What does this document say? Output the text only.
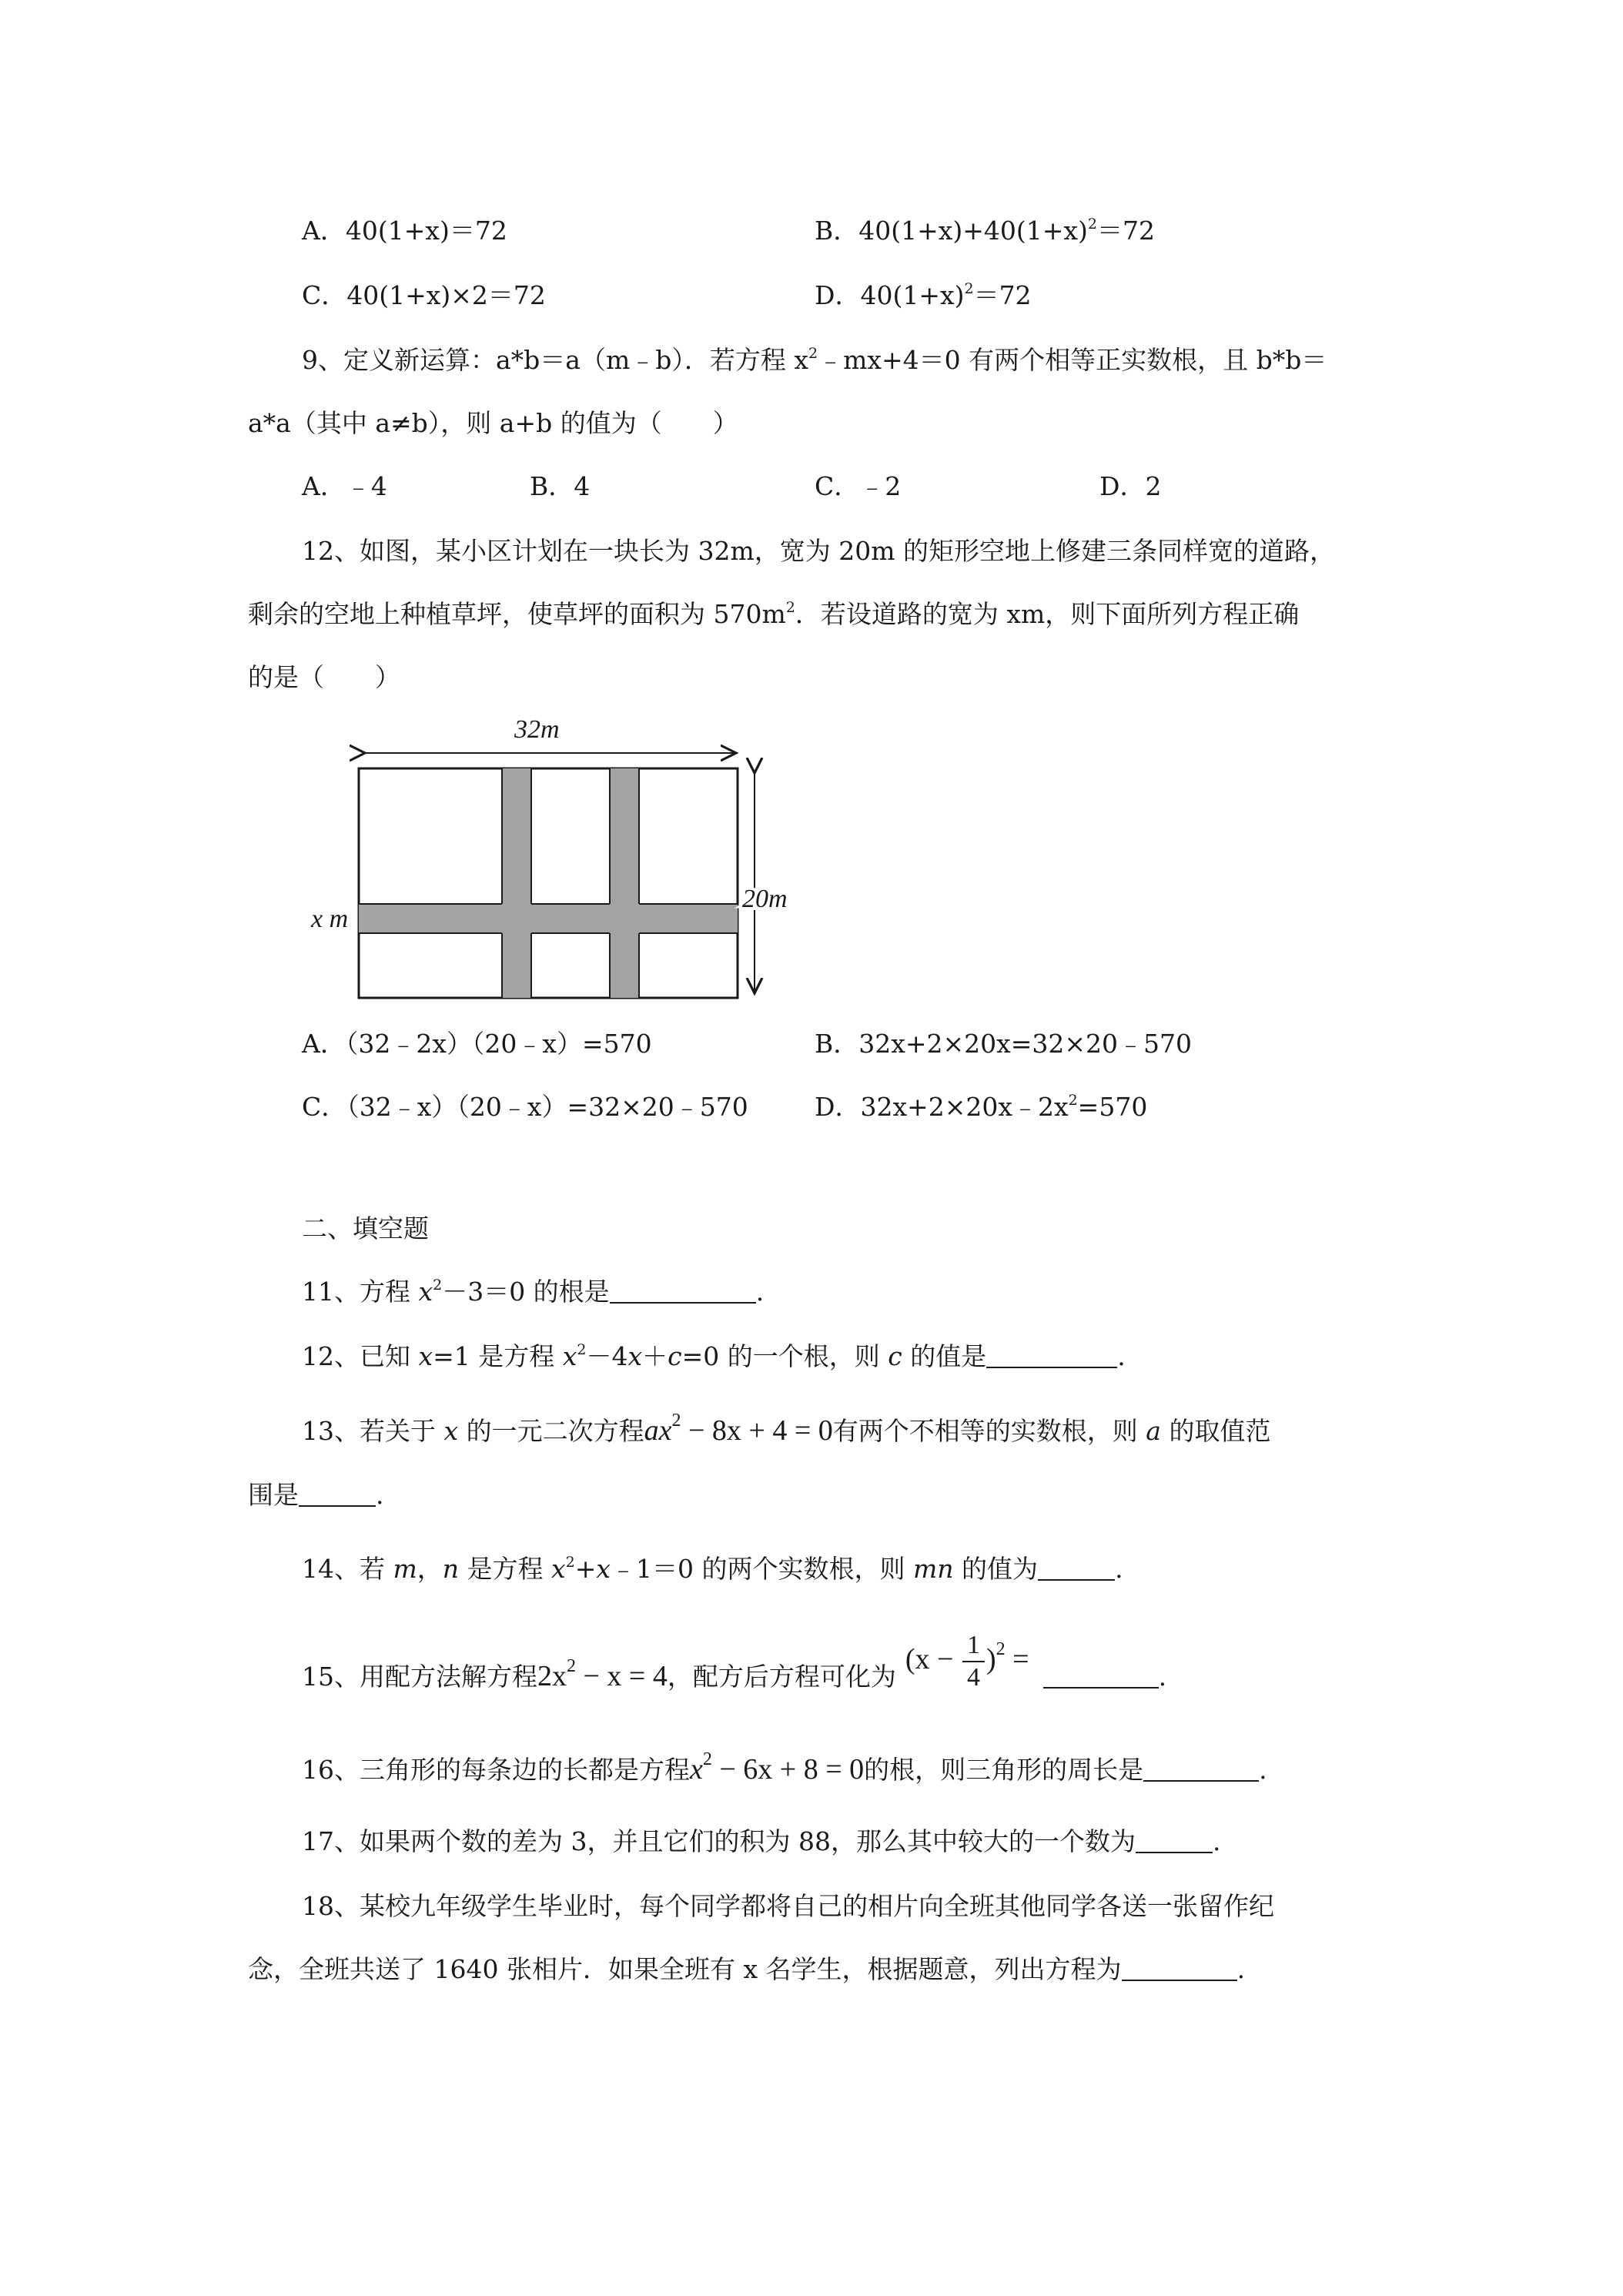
A．40(1+x)＝72	B．$40(1+x)+40(1+x)^2=72$
C．40(1+x)×2＝72	D．$40(1+x)^2=72$
9、定义新运算：a*b＝a（m﹣b）．若方程 $x^2﹣mx+4=0$ 有两个相等正实数根，且 b*b＝
a*a（其中 a≠b），则 a+b 的值为（　　）
A．﹣4	B．4	C．﹣2	D．2
12、如图，某小区计划在一块长为 32m，宽为 20m 的矩形空地上修建三条同样宽的道路，
剩余的空地上种植草坪，使草坪的面积为 $570m^2$．若设道路的宽为 xm，则下面所列方程正确
的是（　　）
32m
20m
x m
A．（32﹣2x）（20﹣x）=570	B．32x+2×20x=32×20﹣570
C．（32﹣x）（20﹣x）=32×20﹣570	D．$32x+2\times 20x﹣2x^2=570$
二、填空题
11、方程 $x^2-3=0$ 的根是	.
12、已知 x=1 是方程 $x^2-4x+c=0$ 的一个根，则 c 的值是	.
13、若关于 x 的一元二次方程$ax^2 - 8x + 4 = 0$有两个不相等的实数根，则 a 的取值范
围是	.
14、若 m，n 是方程 $x^2+x﹣1=0$ 的两个实数根，则 mn 的值为	.
15、用配方法解方程$2x^2 - x = 4$，配方后方程可化为$(x - \frac{1}{4} )^2$ =.
16、三角形的每条边的长都是方程$x^2 - 6x + 8 = 0$的根，则三角形的周长是	.
17、如果两个数的差为 3，并且它们的积为 88，那么其中较大的一个数为	.
18、某校九年级学生毕业时，每个同学都将自己的相片向全班其他同学各送一张留作纪
念，全班共送了 1640 张相片．如果全班有 x 名学生，根据题意，列出方程为	.
